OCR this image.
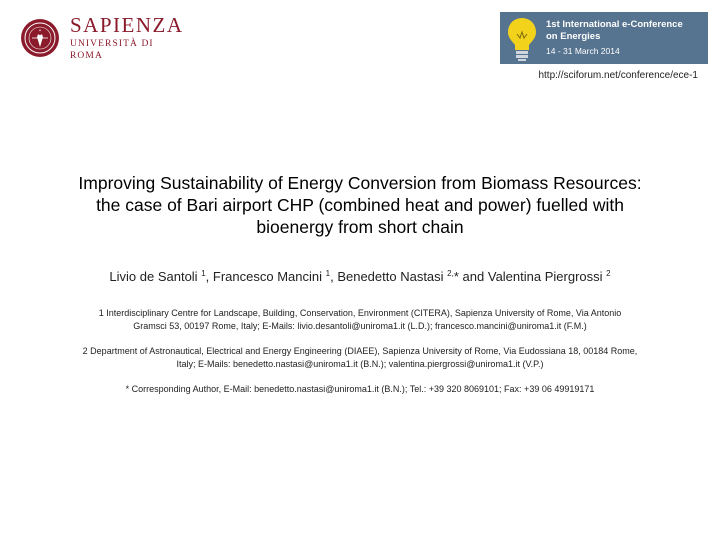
SAPIENZA
UNIVERSITÀ DI ROMA
1st International e-Conference
on Energies
14 - 31 March 2014
http://sciforum.net/conference/ece-1
Improving Sustainability of Energy Conversion from Biomass Resources:
the case of Bari airport CHP (combined heat and power) fuelled with
bioenergy from short chain
Livio de Santoli $^1$, Francesco Mancini $^1$, Benedetto Nastasi $^{2,}$* and Valentina Piergrossi $^2$
1 Interdisciplinary Centre for Landscape, Building, Conservation, Environment (CITERA), Sapienza University of Rome, Via Antonio
Gramsci 53, 00197 Rome, Italy; E-Mails: livio.desantoli@uniroma1.it (L.D.); francesco.mancini@uniroma1.it (F.M.)
2 Department of Astronautical, Electrical and Energy Engineering (DIAEE), Sapienza University of Rome, Via Eudossiana 18, 00184 Rome,
Italy; E-Mails: benedetto.nastasi@uniroma1.it (B.N.); valentina.piergrossi@uniroma1.it (V.P.)
* Corresponding Author, E-Mail: benedetto.nastasi@uniroma1.it (B.N.); Tel.: +39 320 8069101; Fax: +39 06 49919171
